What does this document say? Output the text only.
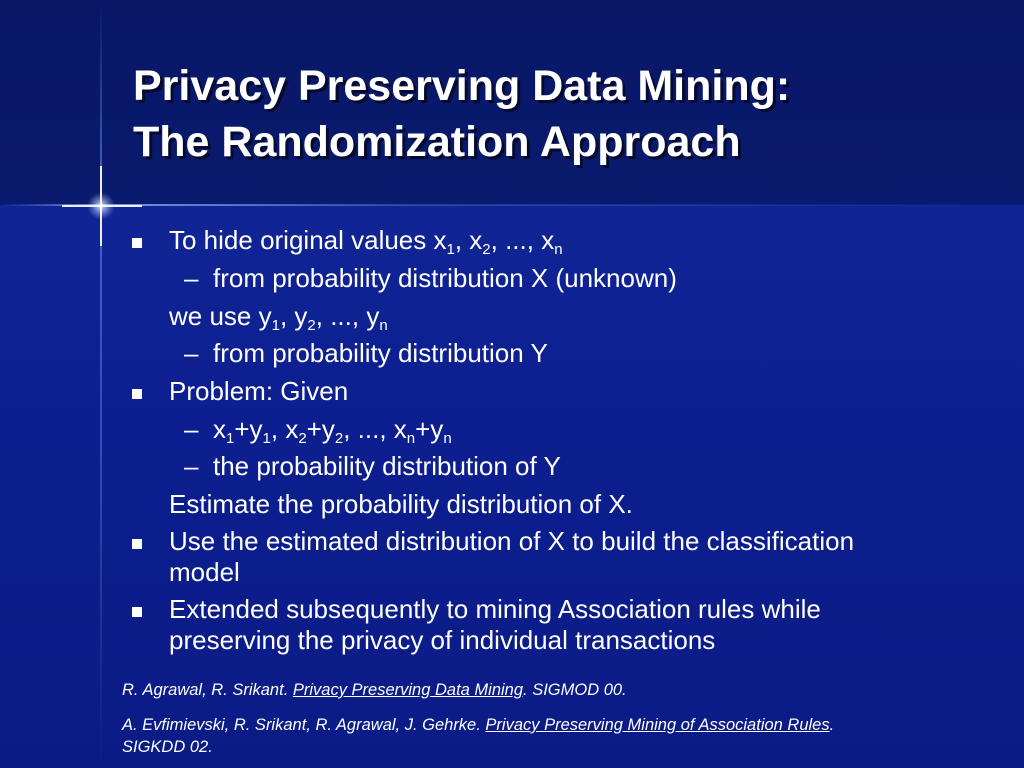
Privacy Preserving Data Mining:
The Randomization Approach
To hide original values $x_1$, $x_2$, ..., $x_n$
– from probability distribution X (unknown)
we use $y_1$, $y_2$, ..., $y_n$
– from probability distribution Y
Problem: Given
– $x_1+y_1$, $x_2+y_2$, ..., $x_n+y_n$
– the probability distribution of Y
Estimate the probability distribution of X.
Use the estimated distribution of X to build the classification
model
Extended subsequently to mining Association rules while
preserving the privacy of individual transactions
R. Agrawal, R. Srikant. Privacy Preserving Data Mining. SIGMOD 00.
A. Evfimievski, R. Srikant, R. Agrawal, J. Gehrke. Privacy Preserving Mining of Association Rules.
SIGKDD 02.
